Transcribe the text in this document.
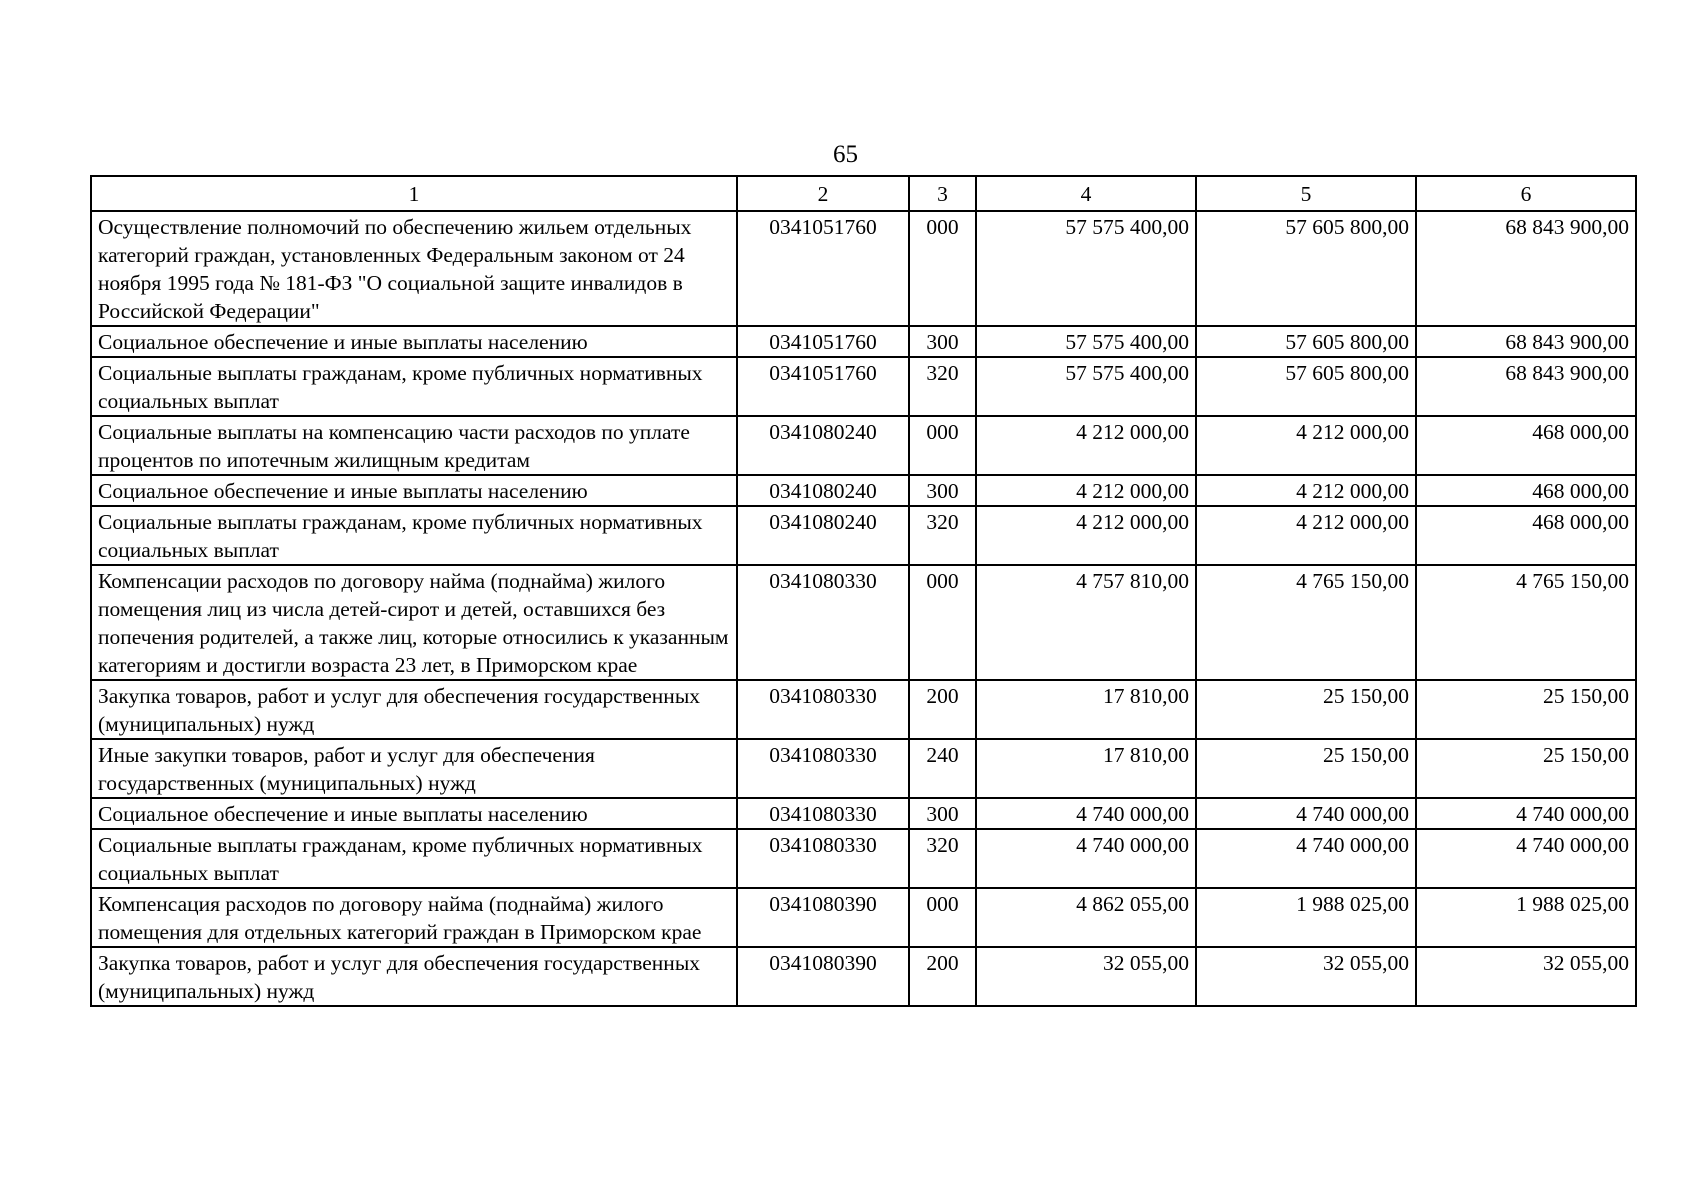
65
1	2	3	4	5	6
Осуществление полномочий по обеспечению жильем отдельных категорий граждан, установленных Федеральным законом от 24 ноября 1995 года № 181-ФЗ "О социальной защите инвалидов в Российской Федерации"	0341051760	000	57 575 400,00	57 605 800,00	68 843 900,00
Социальное обеспечение и иные выплаты населению	0341051760	300	57 575 400,00	57 605 800,00	68 843 900,00
Социальные выплаты гражданам, кроме публичных нормативных социальных выплат	0341051760	320	57 575 400,00	57 605 800,00	68 843 900,00
Социальные выплаты на компенсацию части расходов по уплате процентов по ипотечным жилищным кредитам	0341080240	000	4 212 000,00	4 212 000,00	468 000,00
Социальное обеспечение и иные выплаты населению	0341080240	300	4 212 000,00	4 212 000,00	468 000,00
Социальные выплаты гражданам, кроме публичных нормативных социальных выплат	0341080240	320	4 212 000,00	4 212 000,00	468 000,00
Компенсации расходов по договору найма (поднайма) жилого помещения лиц из числа детей-сирот и детей, оставшихся без попечения родителей, а также лиц, которые относились к указанным категориям и достигли возраста 23 лет, в Приморском крае	0341080330	000	4 757 810,00	4 765 150,00	4 765 150,00
Закупка товаров, работ и услуг для обеспечения государственных (муниципальных) нужд	0341080330	200	17 810,00	25 150,00	25 150,00
Иные закупки товаров, работ и услуг для обеспечения государственных (муниципальных) нужд	0341080330	240	17 810,00	25 150,00	25 150,00
Социальное обеспечение и иные выплаты населению	0341080330	300	4 740 000,00	4 740 000,00	4 740 000,00
Социальные выплаты гражданам, кроме публичных нормативных социальных выплат	0341080330	320	4 740 000,00	4 740 000,00	4 740 000,00
Компенсация расходов по договору найма (поднайма) жилого помещения для отдельных категорий граждан в Приморском крае	0341080390	000	4 862 055,00	1 988 025,00	1 988 025,00
Закупка товаров, работ и услуг для обеспечения государственных (муниципальных) нужд	0341080390	200	32 055,00	32 055,00	32 055,00
